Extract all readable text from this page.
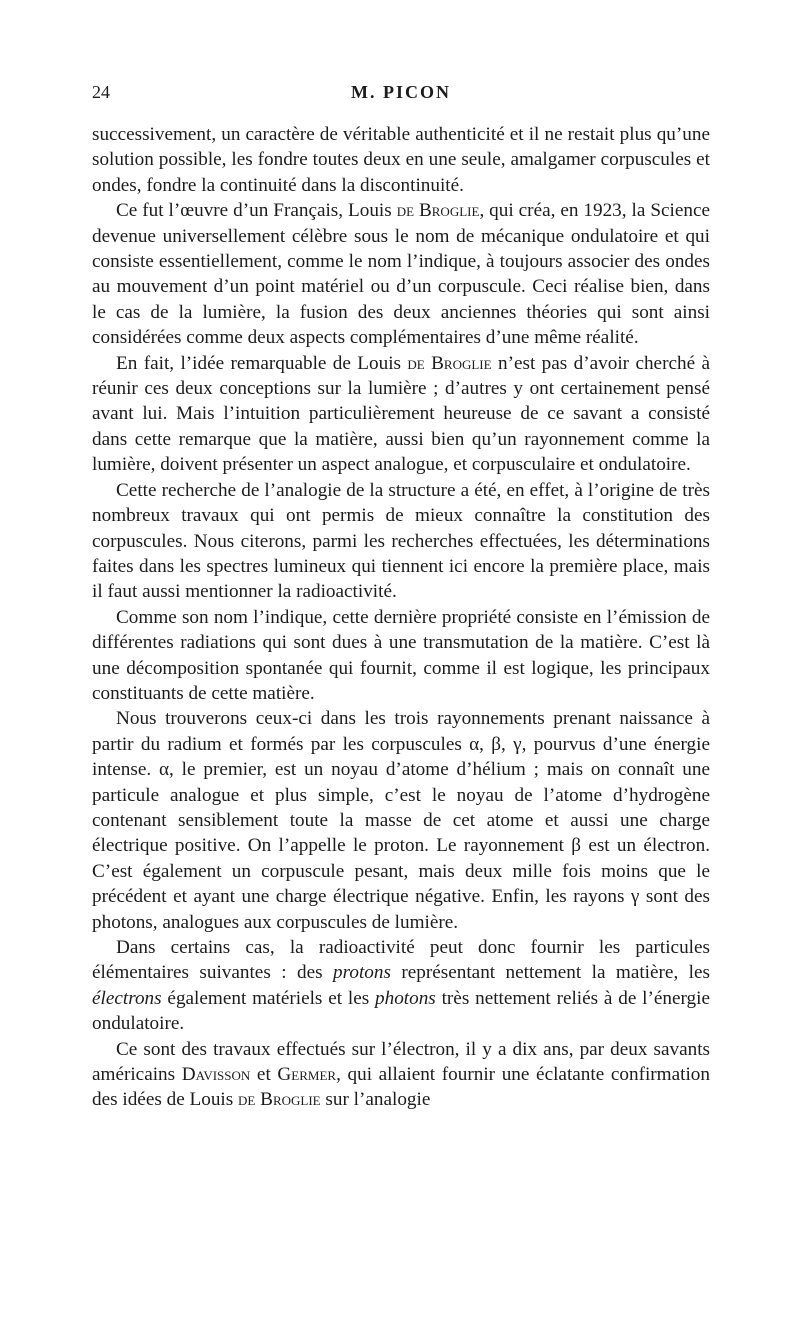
24	M. PICON

successivement, un caractère de véritable authenticité et il ne restait plus qu’une solution possible, les fondre toutes deux en une seule, amalgamer corpuscules et ondes, fondre la continuité dans la discontinuité.

Ce fut l’œuvre d’un Français, Louis de Broglie, qui créa, en 1923, la Science devenue universellement célèbre sous le nom de mécanique ondulatoire et qui consiste essentiellement, comme le nom l’indique, à toujours associer des ondes au mouvement d’un point matériel ou d’un corpuscule. Ceci réalise bien, dans le cas de la lumière, la fusion des deux anciennes théories qui sont ainsi considérées comme deux aspects complémentaires d’une même réalité.

En fait, l’idée remarquable de Louis de Broglie n’est pas d’avoir cherché à réunir ces deux conceptions sur la lumière ; d’autres y ont certainement pensé avant lui. Mais l’intuition particulièrement heureuse de ce savant a consisté dans cette remarque que la matière, aussi bien qu’un rayonnement comme la lumière, doivent présenter un aspect analogue, et corpusculaire et ondulatoire.

Cette recherche de l’analogie de la structure a été, en effet, à l’origine de très nombreux travaux qui ont permis de mieux connaître la constitution des corpuscules. Nous citerons, parmi les recherches effectuées, les déterminations faites dans les spectres lumineux qui tiennent ici encore la première place, mais il faut aussi mentionner la radioactivité.

Comme son nom l’indique, cette dernière propriété consiste en l’émission de différentes radiations qui sont dues à une transmutation de la matière. C’est là une décomposition spontanée qui fournit, comme il est logique, les principaux constituants de cette matière.

Nous trouverons ceux-ci dans les trois rayonnements prenant naissance à partir du radium et formés par les corpuscules α, β, γ, pourvus d’une énergie intense. α, le premier, est un noyau d’atome d’hélium ; mais on connaît une particule analogue et plus simple, c’est le noyau de l’atome d’hydrogène contenant sensiblement toute la masse de cet atome et aussi une charge électrique positive. On l’appelle le proton. Le rayonnement β est un électron. C’est également un corpuscule pesant, mais deux mille fois moins que le précédent et ayant une charge électrique négative. Enfin, les rayons γ sont des photons, analogues aux corpuscules de lumière.

Dans certains cas, la radioactivité peut donc fournir les particules élémentaires suivantes : des protons représentant nettement la matière, les électrons également matériels et les photons très nettement reliés à de l’énergie ondulatoire.

Ce sont des travaux effectués sur l’électron, il y a dix ans, par deux savants américains Davisson et Germer, qui allaient fournir une éclatante confirmation des idées de Louis de Broglie sur l’analogie
